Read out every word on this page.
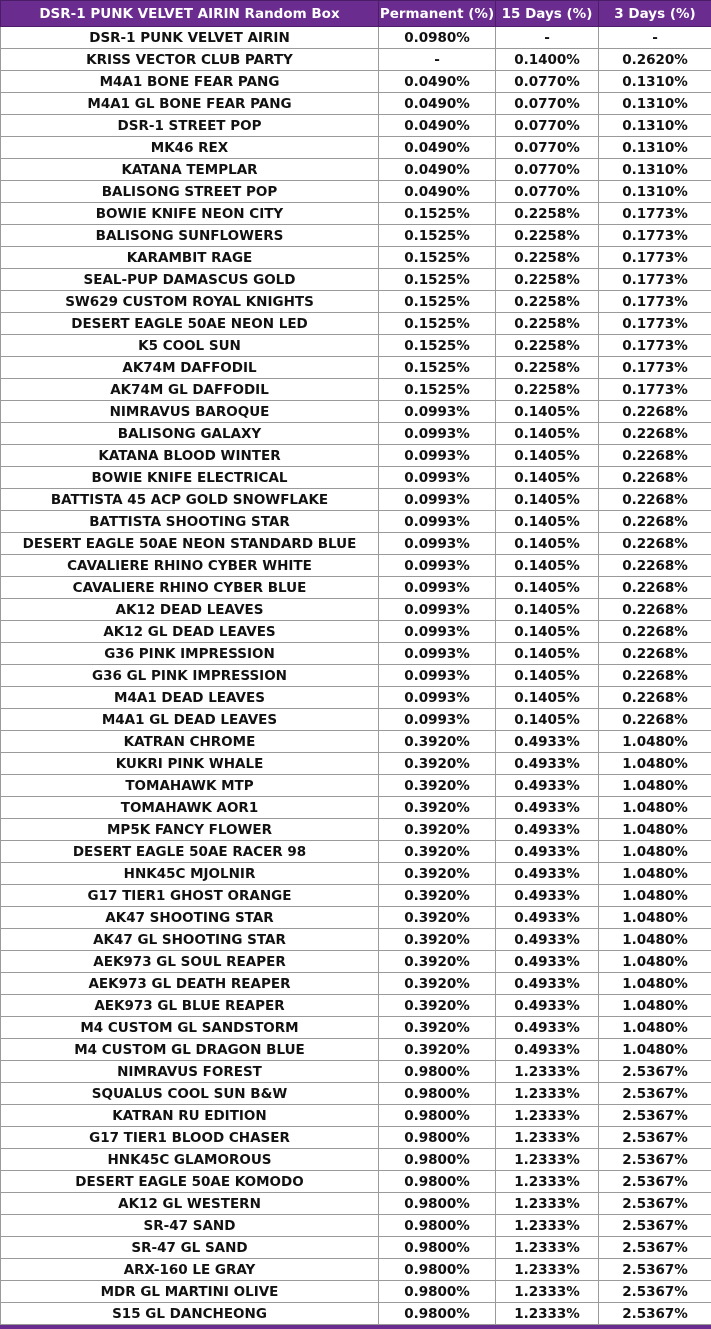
DSR-1 PUNK VELVET AIRIN Random Box	Permanent (%)	15 Days (%)	3 Days (%)
DSR-1 PUNK VELVET AIRIN	0.0980%	-	-
KRISS VECTOR CLUB PARTY	-	0.1400%	0.2620%
M4A1 BONE FEAR PANG	0.0490%	0.0770%	0.1310%
M4A1 GL BONE FEAR PANG	0.0490%	0.0770%	0.1310%
DSR-1 STREET POP	0.0490%	0.0770%	0.1310%
MK46 REX	0.0490%	0.0770%	0.1310%
KATANA TEMPLAR	0.0490%	0.0770%	0.1310%
BALISONG STREET POP	0.0490%	0.0770%	0.1310%
BOWIE KNIFE NEON CITY	0.1525%	0.2258%	0.1773%
BALISONG SUNFLOWERS	0.1525%	0.2258%	0.1773%
KARAMBIT RAGE	0.1525%	0.2258%	0.1773%
SEAL-PUP DAMASCUS GOLD	0.1525%	0.2258%	0.1773%
SW629 CUSTOM ROYAL KNIGHTS	0.1525%	0.2258%	0.1773%
DESERT EAGLE 50AE NEON LED	0.1525%	0.2258%	0.1773%
K5 COOL SUN	0.1525%	0.2258%	0.1773%
AK74M DAFFODIL	0.1525%	0.2258%	0.1773%
AK74M GL DAFFODIL	0.1525%	0.2258%	0.1773%
NIMRAVUS BAROQUE	0.0993%	0.1405%	0.2268%
BALISONG GALAXY	0.0993%	0.1405%	0.2268%
KATANA BLOOD WINTER	0.0993%	0.1405%	0.2268%
BOWIE KNIFE ELECTRICAL	0.0993%	0.1405%	0.2268%
BATTISTA 45 ACP GOLD SNOWFLAKE	0.0993%	0.1405%	0.2268%
BATTISTA SHOOTING STAR	0.0993%	0.1405%	0.2268%
DESERT EAGLE 50AE NEON STANDARD BLUE	0.0993%	0.1405%	0.2268%
CAVALIERE RHINO CYBER WHITE	0.0993%	0.1405%	0.2268%
CAVALIERE RHINO CYBER BLUE	0.0993%	0.1405%	0.2268%
AK12 DEAD LEAVES	0.0993%	0.1405%	0.2268%
AK12 GL DEAD LEAVES	0.0993%	0.1405%	0.2268%
G36 PINK IMPRESSION	0.0993%	0.1405%	0.2268%
G36 GL PINK IMPRESSION	0.0993%	0.1405%	0.2268%
M4A1 DEAD LEAVES	0.0993%	0.1405%	0.2268%
M4A1 GL DEAD LEAVES	0.0993%	0.1405%	0.2268%
KATRAN CHROME	0.3920%	0.4933%	1.0480%
KUKRI PINK WHALE	0.3920%	0.4933%	1.0480%
TOMAHAWK MTP	0.3920%	0.4933%	1.0480%
TOMAHAWK AOR1	0.3920%	0.4933%	1.0480%
MP5K FANCY FLOWER	0.3920%	0.4933%	1.0480%
DESERT EAGLE 50AE RACER 98	0.3920%	0.4933%	1.0480%
HNK45C MJOLNIR	0.3920%	0.4933%	1.0480%
G17 TIER1 GHOST ORANGE	0.3920%	0.4933%	1.0480%
AK47 SHOOTING STAR	0.3920%	0.4933%	1.0480%
AK47 GL SHOOTING STAR	0.3920%	0.4933%	1.0480%
AEK973 GL SOUL REAPER	0.3920%	0.4933%	1.0480%
AEK973 GL DEATH REAPER	0.3920%	0.4933%	1.0480%
AEK973 GL BLUE REAPER	0.3920%	0.4933%	1.0480%
M4 CUSTOM GL SANDSTORM	0.3920%	0.4933%	1.0480%
M4 CUSTOM GL DRAGON BLUE	0.3920%	0.4933%	1.0480%
NIMRAVUS FOREST	0.9800%	1.2333%	2.5367%
SQUALUS COOL SUN B&W	0.9800%	1.2333%	2.5367%
KATRAN RU EDITION	0.9800%	1.2333%	2.5367%
G17 TIER1 BLOOD CHASER	0.9800%	1.2333%	2.5367%
HNK45C GLAMOROUS	0.9800%	1.2333%	2.5367%
DESERT EAGLE 50AE KOMODO	0.9800%	1.2333%	2.5367%
AK12 GL WESTERN	0.9800%	1.2333%	2.5367%
SR-47 SAND	0.9800%	1.2333%	2.5367%
SR-47 GL SAND	0.9800%	1.2333%	2.5367%
ARX-160 LE GRAY	0.9800%	1.2333%	2.5367%
MDR GL MARTINI OLIVE	0.9800%	1.2333%	2.5367%
S15 GL DANCHEONG	0.9800%	1.2333%	2.5367%
